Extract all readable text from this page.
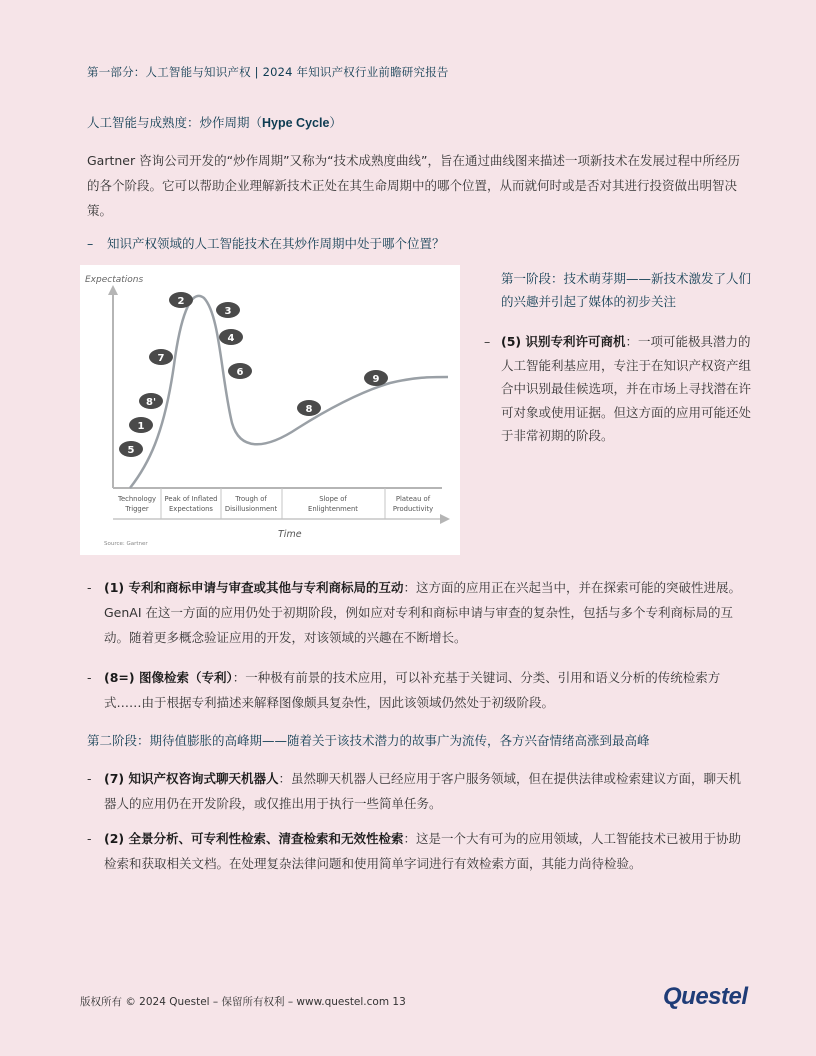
第一部分：人工智能与知识产权 | 2024 年知识产权行业前瞻研究报告
人工智能与成熟度：炒作周期（Hype Cycle）
Gartner 咨询公司开发的“炒作周期”又称为“技术成熟度曲线”，旨在通过曲线图来描述一项新技术在发展过程中所经历的各个阶段。它可以帮助企业理解新技术正处在其生命周期中的哪个位置，从而就何时或是否对其进行投资做出明智决策。
– 知识产权领域的人工智能技术在其炒作周期中处于哪个位置？
Expectations
Technology
Trigger
Peak of Inflated
Expectations
Trough of
Disillusionment
Slope of
Enlightenment
Plateau of
Productivity
5
1
8'
7
2
3
4
6
8
9
Time
Source: Gartner
第一阶段：技术萌芽期——新技术激发了人们的兴趣并引起了媒体的初步关注
– (5) 识别专利许可商机：一项可能极具潜力的人工智能利基应用，专注于在知识产权资产组合中识别最佳候选项，并在市场上寻找潜在许可对象或使用证据。但这方面的应用可能还处于非常初期的阶段。
- (1) 专利和商标申请与审查或其他与专利商标局的互动：这方面的应用正在兴起当中，并在探索可能的突破性进展。GenAI 在这一方面的应用仍处于初期阶段，例如应对专利和商标申请与审查的复杂性，包括与多个专利商标局的互动。随着更多概念验证应用的开发，对该领域的兴趣在不断增长。
- (8=) 图像检索（专利）：一种极有前景的技术应用，可以补充基于关键词、分类、引用和语义分析的传统检索方式……由于根据专利描述来解释图像颇具复杂性，因此该领域仍然处于初级阶段。
第二阶段：期待值膨胀的高峰期——随着关于该技术潜力的故事广为流传，各方兴奋情绪高涨到最高峰
- (7) 知识产权咨询式聊天机器人：虽然聊天机器人已经应用于客户服务领域，但在提供法律或检索建议方面，聊天机器人的应用仍在开发阶段，或仅推出用于执行一些简单任务。
- (2) 全景分析、可专利性检索、清查检索和无效性检索：这是一个大有可为的应用领域，人工智能技术已被用于协助检索和获取相关文档。在处理复杂法律问题和使用简单字词进行有效检索方面，其能力尚待检验。
版权所有 © 2024 Questel – 保留所有权利 – www.questel.com 13	Questel
